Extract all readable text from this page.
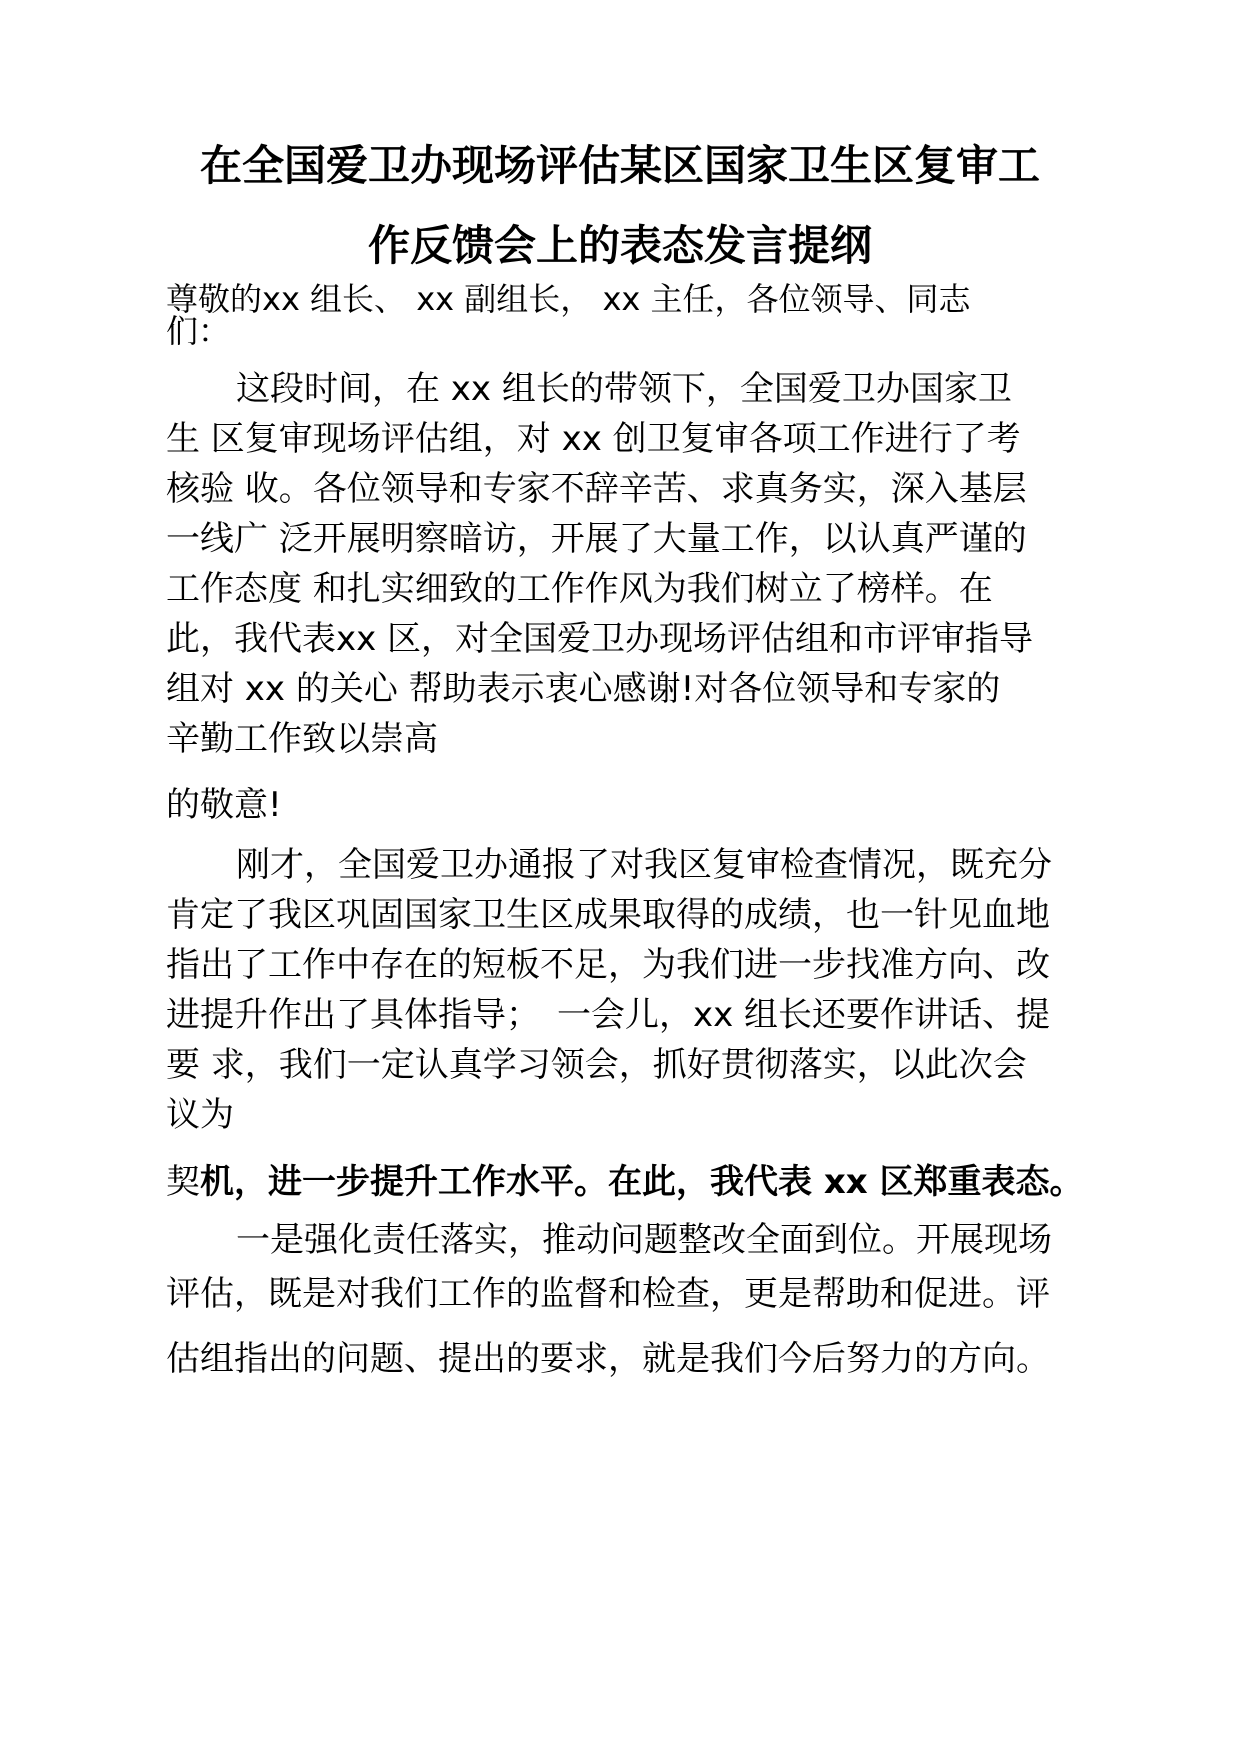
在全国爱卫办现场评估某区国家卫生区复审工
作反馈会上的表态发言提纲

尊敬的xx 组长、 xx 副组长， xx 主任，各位领导、同志

们：

这段时间，在 xx 组长的带领下，全国爱卫办国家卫

生 区复审现场评估组，对 xx 创卫复审各项工作进行了考

核验 收。各位领导和专家不辞辛苦、求真务实，深入基层

一线广 泛开展明察暗访，开展了大量工作，以认真严谨的

工作态度 和扎实细致的工作作风为我们树立了榜样。在

此，我代表xx 区，对全国爱卫办现场评估组和市评审指导

组对 xx 的关心 帮助表示衷心感谢!对各位领导和专家的

辛勤工作致以崇高

的敬意!

刚才，全国爱卫办通报了对我区复审检查情况，既充分

肯定了我区巩固国家卫生区成果取得的成绩，也一针见血地

指出了工作中存在的短板不足，为我们进一步找准方向、改

进提升作出了具体指导；　一会儿，xx 组长还要作讲话、提

要 求，我们一定认真学习领会，抓好贯彻落实，以此次会

议为

契机，进一步提升工作水平。在此，我代表 xx 区郑重表态。

一是强化责任落实，推动问题整改全面到位。开展现场

评估，既是对我们工作的监督和检查，更是帮助和促进。评

估组指出的问题、提出的要求，就是我们今后努力的方向。
